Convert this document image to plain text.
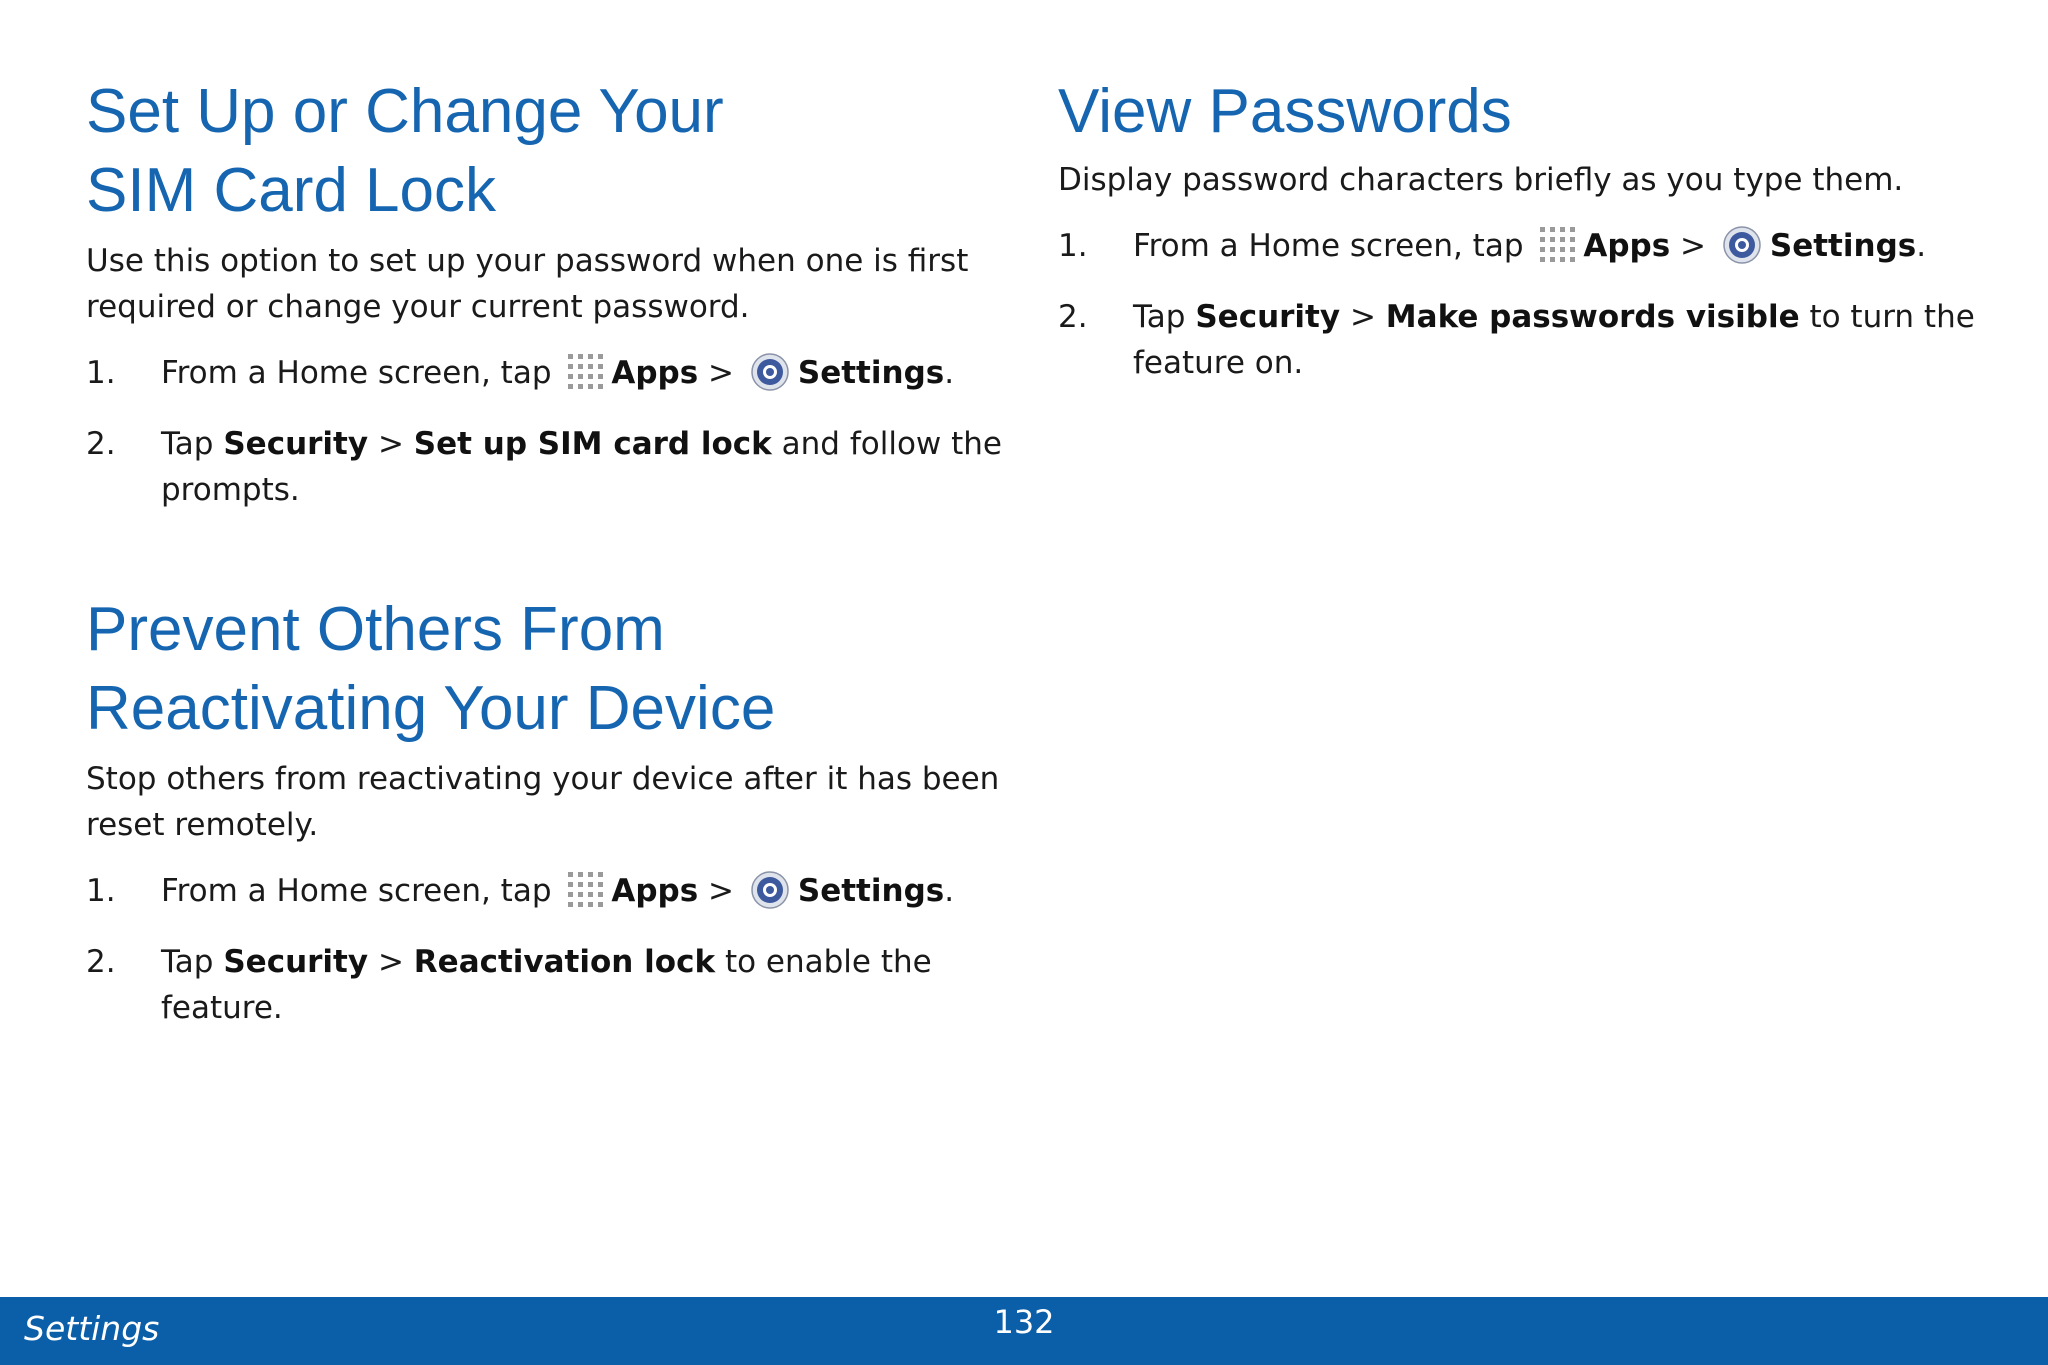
Set Up or Change Your
SIM Card Lock

Use this option to set up your password when one is first required or change your current password.

1. From a Home screen, tap Apps > Settings.
2. Tap Security > Set up SIM card lock and follow the prompts.
Prevent Others From
Reactivating Your Device

Stop others from reactivating your device after it has been reset remotely.

1. From a Home screen, tap Apps > Settings.
2. Tap Security > Reactivation lock to enable the feature.
View Passwords

Display password characters briefly as you type them.

1. From a Home screen, tap Apps > Settings.
2. Tap Security > Make passwords visible to turn the feature on.
Settings	132
